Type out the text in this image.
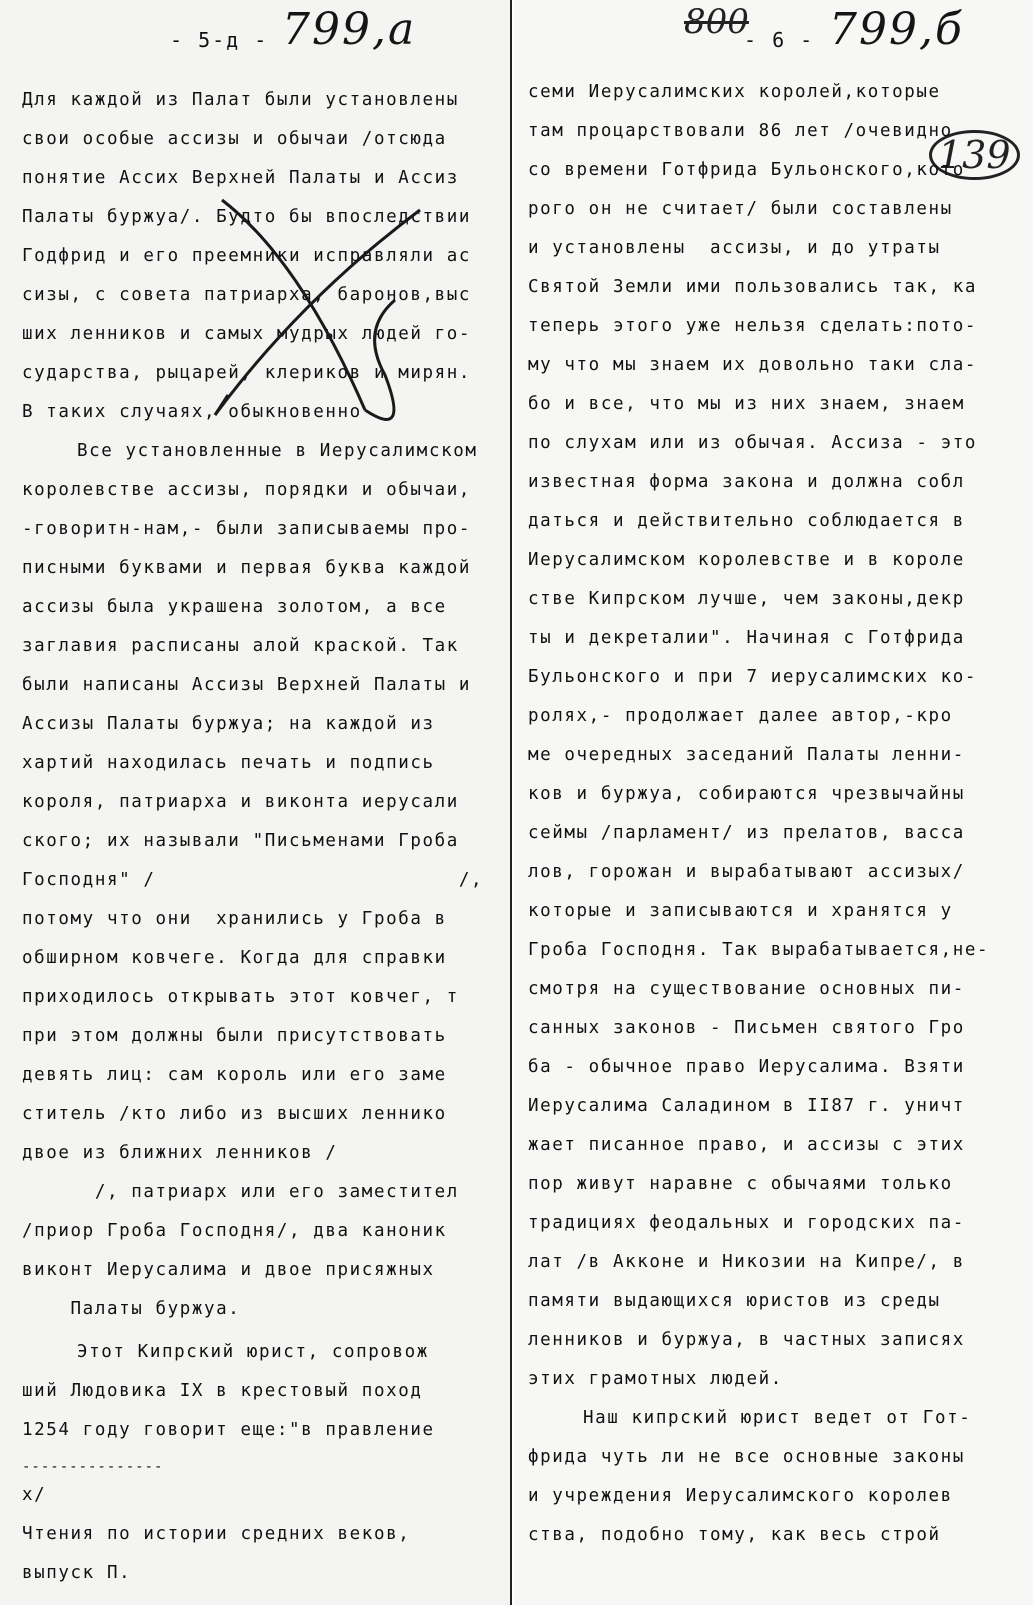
- 5-д - 799,a
Для каждой из Палат были установлены
свои особые ассизы и обычаи /отсюда
понятие Ассих Верхней Палаты и Ассиз
Палаты буржуа/. Будто бы впоследствии
Годфрид и его преемники исправляли ас
сизы, с совета патриарха, баронов,выс
ших ленников и самых мудрых людей го-
сударства, рыцарей, клериков и мирян.
В таких случаях, обыкновенно
Все установленные в Иерусалимском
королевстве ассизы, порядки и обычаи,
-говоритн-нам,- были записываемы про-
писными буквами и первая буква каждой
ассизы была украшена золотом, а все
заглавия расписаны алой краской. Так
были написаны Ассизы Верхней Палаты и
Ассизы Палаты буржуа; на каждой из
хартий находилась печать и подпись
короля, патриарха и виконта иерусали
ского; их называли "Письменами Гроба
Господня" /                         /,
потому что они  хранились у Гроба в
обширном ковчеге. Когда для справки
приходилось открывать этот ковчег, т
при этом должны были присутствовать
девять лиц: сам король или его заме
ститель /кто либо из высших леннико
двое из ближних ленников /
/, патриарх или его заместител
/приор Гроба Господня/, два каноник
виконт Иерусалима и двое присяжных
Палаты буржуа.
Этот Кипрский юрист, сопровож
ший Людовика IX в крестовый поход
1254 году говорит еще:"в правление
---------------
x/
Чтения по истории средних веков,
выпуск П.
800
- 6 - 799,б
139
семи Иерусалимских королей,которые
там процарствовали 86 лет /очевидно
со времени Готфрида Бульонского,кото
рого он не считает/ были составлены
и установлены  ассизы, и до утраты
Святой Земли ими пользовались так, ка
теперь этого уже нельзя сделать:пото-
му что мы знаем их довольно таки сла-
бо и все, что мы из них знаем, знаем
по слухам или из обычая. Ассиза - это
известная форма закона и должна собл
даться и действительно соблюдается в
Иерусалимском королевстве и в короле
стве Кипрском лучше, чем законы,декр
ты и декреталии". Начиная с Готфрида
Бульонского и при 7 иерусалимских ко-
ролях,- продолжает далее автор,-кро
ме очередных заседаний Палаты ленни-
ков и буржуа, собираются чрезвычайны
сеймы /парламент/ из прелатов, васса
лов, горожан и вырабатывают ассизыx/
которые и записываются и хранятся у
Гроба Господня. Так вырабатывается,не-
смотря на существование основных пи-
санных законов - Письмен святого Гро
ба - обычное право Иерусалима. Взяти
Иерусалима Саладином в II87 г. уничт
жает писанное право, и ассизы с этих
пор живут наравне с обычаями только
традициях феодальных и городских па-
лат /в Акконе и Никозии на Кипре/, в
памяти выдающихся юристов из среды
ленников и буржуа, в частных записях
этих грамотных людей.
Наш кипрский юрист ведет от Гот-
фрида чуть ли не все основные законы
и учреждения Иерусалимского королев
ства, подобно тому, как весь строй
